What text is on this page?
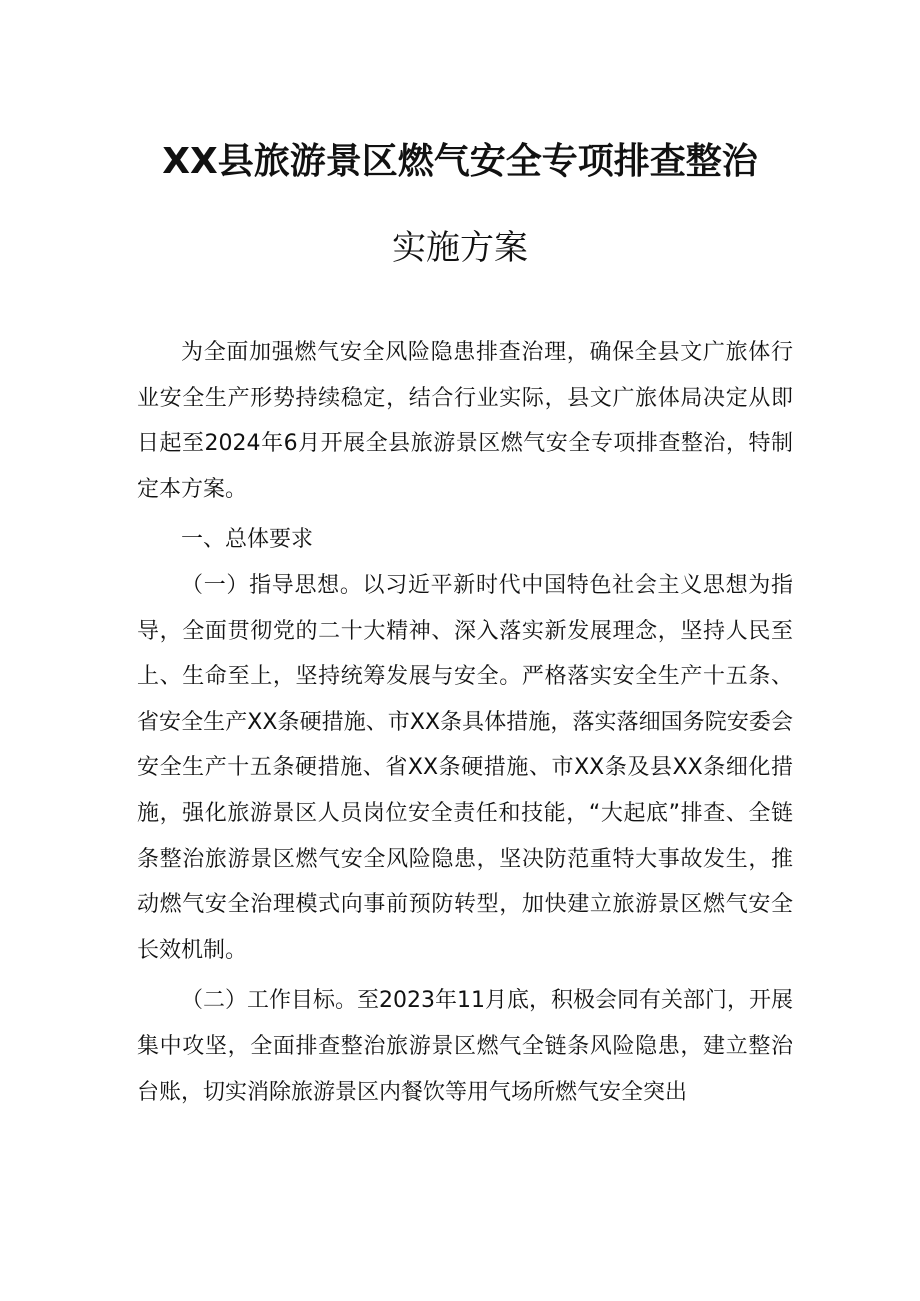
XX县旅游景区燃气安全专项排查整治
实施方案

为全面加强燃气安全风险隐患排查治理，确保全县文广旅体行业安全生产形势持续稳定，结合行业实际，县文广旅体局决定从即日起至2024年6月开展全县旅游景区燃气安全专项排查整治，特制定本方案。

一、总体要求

（一）指导思想。以习近平新时代中国特色社会主义思想为指导，全面贯彻党的二十大精神、深入落实新发展理念，坚持人民至上、生命至上，坚持统筹发展与安全。严格落实安全生产十五条、省安全生产XX条硬措施、市XX条具体措施，落实落细国务院安委会安全生产十五条硬措施、省XX条硬措施、市XX条及县XX条细化措施，强化旅游景区人员岗位安全责任和技能，“大起底”排查、全链条整治旅游景区燃气安全风险隐患，坚决防范重特大事故发生，推动燃气安全治理模式向事前预防转型，加快建立旅游景区燃气安全长效机制。

（二）工作目标。至2023年11月底，积极会同有关部门，开展集中攻坚，全面排查整治旅游景区燃气全链条风险隐患，建立整治台账，切实消除旅游景区内餐饮等用气场所燃气安全突出
